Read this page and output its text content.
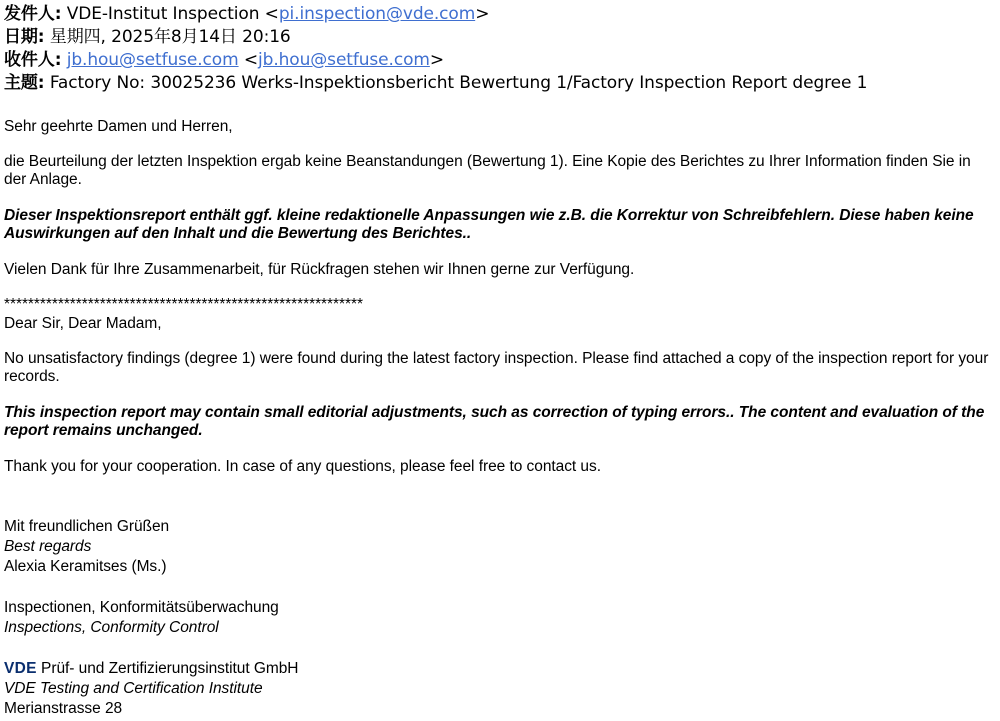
发件人: VDE-Institut Inspection <pi.inspection@vde.com>
日期: 星期四, 2025年8月14日 20:16
收件人: jb.hou@setfuse.com <jb.hou@setfuse.com>
主题: Factory No: 30025236 Werks-Inspektionsbericht Bewertung 1/Factory Inspection Report degree 1
Sehr geehrte Damen und Herren,
die Beurteilung der letzten Inspektion ergab keine Beanstandungen (Bewertung 1). Eine Kopie des Berichtes zu Ihrer Information finden Sie in der Anlage.
Dieser Inspektionsreport enthält ggf. kleine redaktionelle Anpassungen wie z.B. die Korrektur von Schreibfehlern. Diese haben keine Auswirkungen auf den Inhalt und die Bewertung des Berichtes..
Vielen Dank für Ihre Zusammenarbeit, für Rückfragen stehen wir Ihnen gerne zur Verfügung.
************************************************************
Dear Sir, Dear Madam,
No unsatisfactory findings (degree 1) were found during the latest factory inspection. Please find attached a copy of the inspection report for your records.
This inspection report may contain small editorial adjustments, such as correction of typing errors.. The content and evaluation of the report remains unchanged.
Thank you for your cooperation. In case of any questions, please feel free to contact us.
Mit freundlichen Grüßen
Best regards
Alexia Keramitses (Ms.)
Inspectionen, Konformitätsüberwachung
Inspections, Conformity Control
VDE Prüf- und Zertifizierungsinstitut GmbH
VDE Testing and Certification Institute
Merianstrasse 28
